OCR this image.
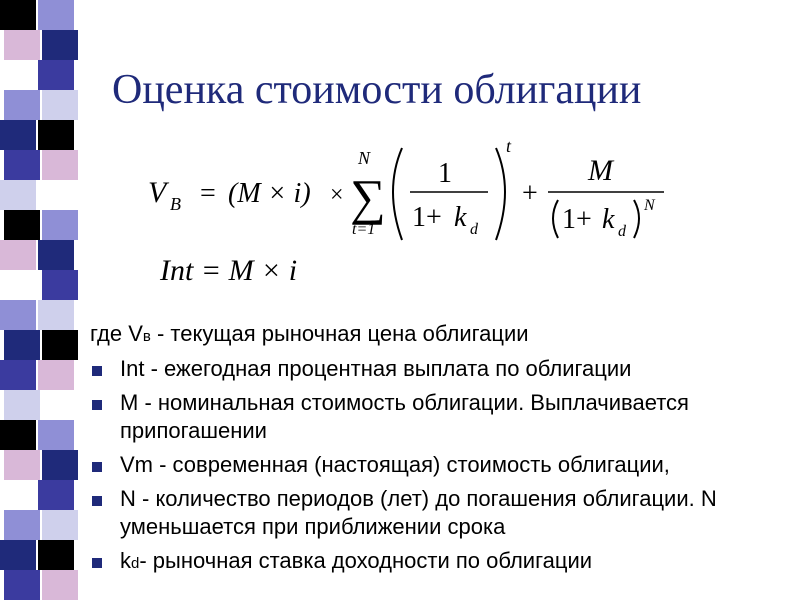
Оценка стоимости облигации
V B = (M × i) ×
N
∑
t=1
1
1+ k d
t
+
M
1+ k d
N
Int = M × i

где Vв - текущая рыночная цена облигации

Int - ежегодная процентная выплата по облигации
M - номинальная стоимость облигации. Выплачивается припогашении
Vm - современная (настоящая) стоимость облигации,
N - количество периодов (лет) до погашения облигации. N уменьшается при приближении срока
kd- рыночная ставка доходности по облигации
